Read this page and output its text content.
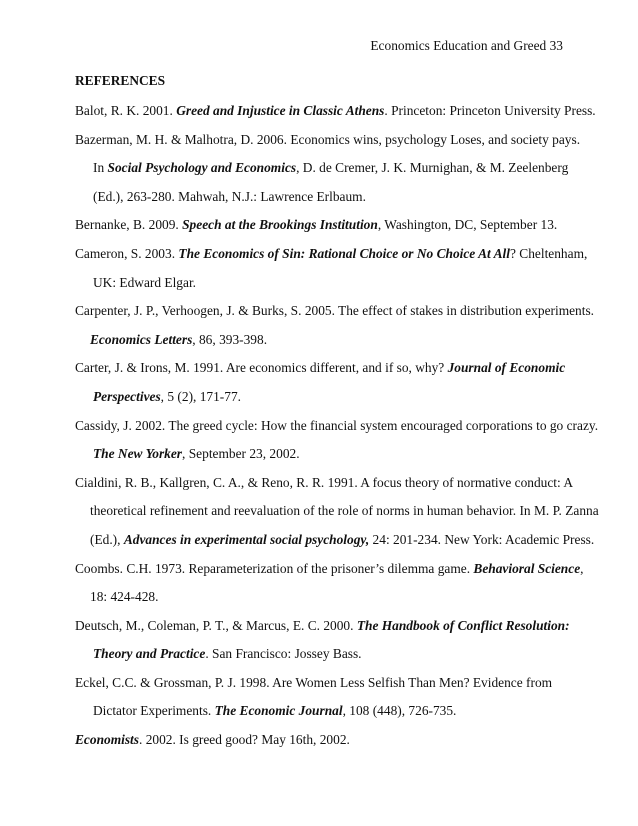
Economics Education and Greed 33
REFERENCES
Balot, R. K. 2001. Greed and Injustice in Classic Athens. Princeton: Princeton University Press.
Bazerman, M. H. & Malhotra, D. 2006. Economics wins, psychology Loses, and society pays.
In Social Psychology and Economics, D. de Cremer, J. K. Murnighan, & M. Zeelenberg
(Ed.), 263-280. Mahwah, N.J.: Lawrence Erlbaum.
Bernanke, B. 2009. Speech at the Brookings Institution, Washington, DC, September 13.
Cameron, S. 2003. The Economics of Sin: Rational Choice or No Choice At All? Cheltenham,
UK: Edward Elgar.
Carpenter, J. P., Verhoogen, J. & Burks, S. 2005. The effect of stakes in distribution experiments.
Economics Letters, 86, 393-398.
Carter, J. & Irons, M. 1991. Are economics different, and if so, why? Journal of Economic
Perspectives, 5 (2), 171-77.
Cassidy, J. 2002. The greed cycle: How the financial system encouraged corporations to go crazy.
The New Yorker, September 23, 2002.
Cialdini, R. B., Kallgren, C. A., & Reno, R. R. 1991. A focus theory of normative conduct: A
theoretical refinement and reevaluation of the role of norms in human behavior. In M. P. Zanna
(Ed.), Advances in experimental social psychology, 24: 201-234. New York: Academic Press.
Coombs. C.H. 1973. Reparameterization of the prisoner’s dilemma game. Behavioral Science,
18: 424-428.
Deutsch, M., Coleman, P. T., & Marcus, E. C. 2000. The Handbook of Conflict Resolution:
Theory and Practice. San Francisco: Jossey Bass.
Eckel, C.C. & Grossman, P. J. 1998. Are Women Less Selfish Than Men? Evidence from
Dictator Experiments. The Economic Journal, 108 (448), 726-735.
Economists. 2002. Is greed good? May 16th, 2002.
